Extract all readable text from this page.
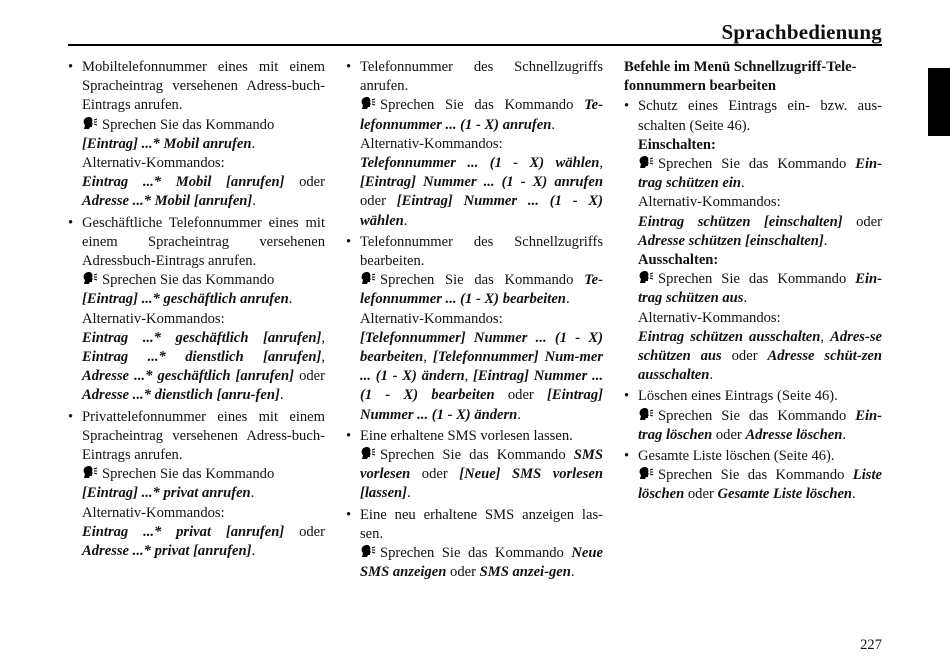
Sprachbedienung
• Mobiltelefonnummer eines mit einem Spracheintrag versehenen Adress-buch-Eintrags anrufen.

Sprechen Sie das Kommando
[Eintrag] ...* Mobil anrufen.

Alternativ-Kommandos:

Eintrag ...* Mobil [anrufen] oder Adresse ...* Mobil [anrufen].

• Geschäftliche Telefonnummer eines mit einem Spracheintrag versehenen Adressbuch-Eintrags anrufen.

Sprechen Sie das Kommando
[Eintrag] ...* geschäftlich anrufen.

Alternativ-Kommandos:

Eintrag ...* geschäftlich [anrufen], Eintrag ...* dienstlich [anrufen], Adresse ...* geschäftlich [anrufen] oder Adresse ...* dienstlich [anru-fen].

• Privattelefonnummer eines mit einem Spracheintrag versehenen Adress-buch-Eintrags anrufen.

Sprechen Sie das Kommando
[Eintrag] ...* privat anrufen.

Alternativ-Kommandos:

Eintrag ...* privat [anrufen] oder Adresse ...* privat [anrufen].

• Telefonnummer des Schnellzugriffs anrufen.

Sprechen Sie das Kommando Te-lefonnummer ... (1 - X) anrufen.

Alternativ-Kommandos:

Telefonnummer ... (1 - X) wählen, [Eintrag] Nummer ... (1 - X) anrufen oder [Eintrag] Nummer ... (1 - X) wählen.

• Telefonnummer des Schnellzugriffs bearbeiten.

Sprechen Sie das Kommando Te-lefonnummer ... (1 - X) bearbeiten.

Alternativ-Kommandos:

[Telefonnummer] Nummer ... (1 - X) bearbeiten, [Telefonnummer] Num-mer ... (1 - X) ändern, [Eintrag] Nummer ... (1 - X) bearbeiten oder [Eintrag] Nummer ... (1 - X) ändern.

• Eine erhaltene SMS vorlesen lassen.

Sprechen Sie das Kommando SMS vorlesen oder [Neue] SMS vorlesen [lassen].

• Eine neu erhaltene SMS anzeigen las-sen.

Sprechen Sie das Kommando Neue SMS anzeigen oder SMS anzei-gen.

Befehle im Menü Schnellzugriff-Tele-fonnummern bearbeiten

• Schutz eines Eintrags ein- bzw. aus-schalten (Seite 46).

Einschalten:

Sprechen Sie das Kommando Ein-trag schützen ein.

Alternativ-Kommandos:

Eintrag schützen [einschalten] oder Adresse schützen [einschalten].

Ausschalten:

Sprechen Sie das Kommando Ein-trag schützen aus.

Alternativ-Kommandos:

Eintrag schützen ausschalten, Adres-se schützen aus oder Adresse schüt-zen ausschalten.

• Löschen eines Eintrags (Seite 46).

Sprechen Sie das Kommando Ein-trag löschen oder Adresse löschen.

• Gesamte Liste löschen (Seite 46).

Sprechen Sie das Kommando Liste löschen oder Gesamte Liste löschen.

227
